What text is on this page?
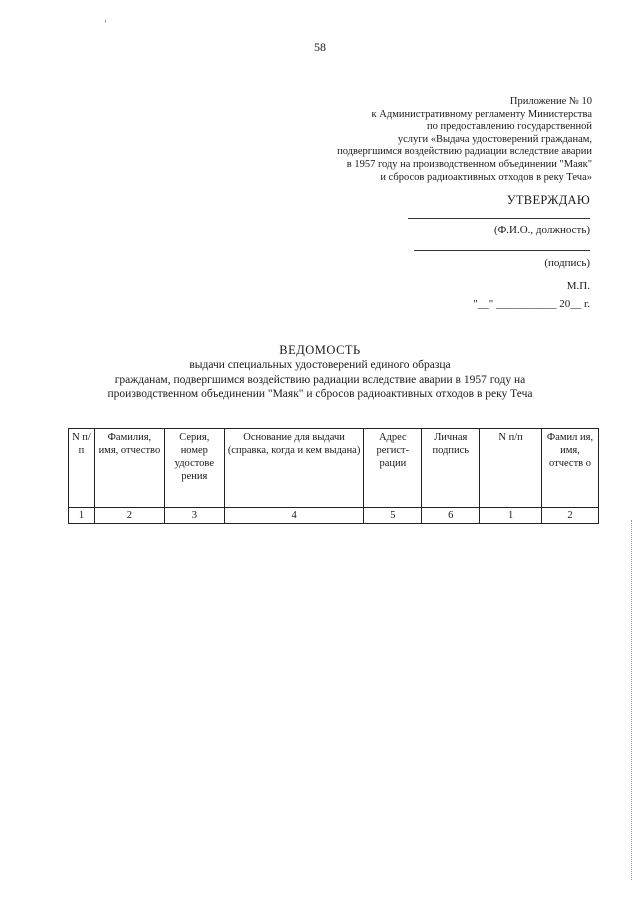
ʻ
58
Приложение № 10
к Административному регламенту Министерства
по предоставлению государственной
услуги «Выдача удостоверений гражданам,
подвергшимся воздействию радиации вследствие аварии
в 1957 году на производственном объединении "Маяк"
и сбросов радиоактивных отходов в реку Теча»
УТВЕРЖДАЮ
(Ф.И.О., должность)
(подпись)
М.П.
"__" ___________ 20__ г.
ВЕДОМОСТЬ
выдачи специальных удостоверений единого образца
гражданам, подвергшимся воздействию радиации вследствие аварии в 1957 году на
производственном объединении "Маяк" и сбросов радиоактивных отходов в реку Теча
N п/п	Фамилия, имя, отчество	Серия, номер удостове рения	Основание для выдачи (справка, когда и кем выдана)	Адрес регист- рации	Личная подпись	N п/п	Фамил ия, имя, отчеств о
1	2	3	4	5	6	1	2
